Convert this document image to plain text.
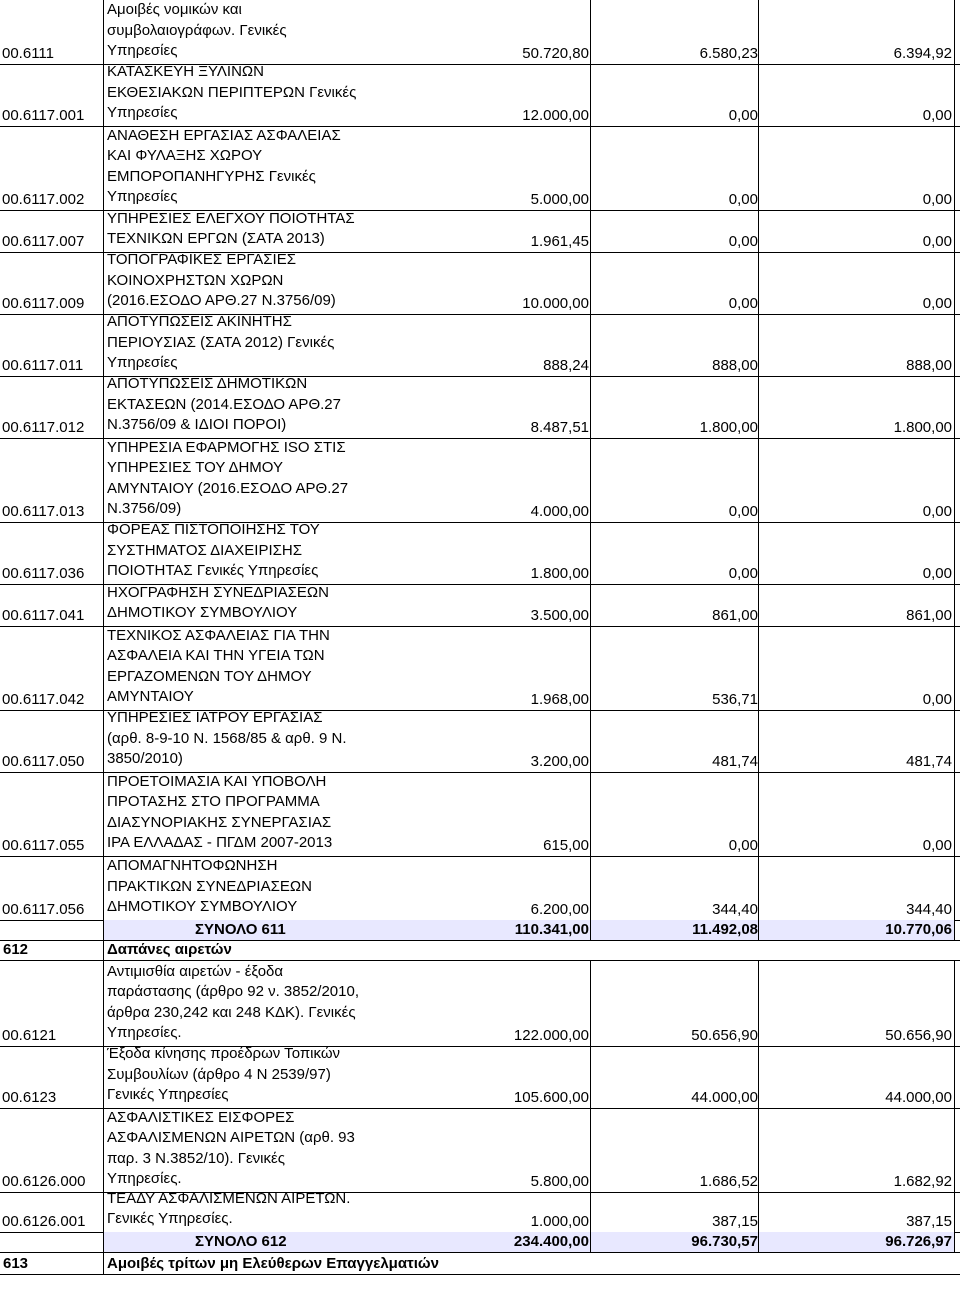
00.6111
Αμοιβές νομικών και
συμβολαιογράφων. Γενικές
Υπηρεσίες	50.720,80	6.580,23	6.394,92
00.6117.001
ΚΑΤΑΣΚΕΥΗ ΞΥΛΙΝΩΝ
ΕΚΘΕΣΙΑΚΩΝ ΠΕΡΙΠΤΕΡΩΝ Γενικές
Υπηρεσίες	12.000,00	0,00	0,00
00.6117.002
ΑΝΑΘΕΣΗ ΕΡΓΑΣΙΑΣ ΑΣΦΑΛΕΙΑΣ
ΚΑΙ ΦΥΛΑΞΗΣ ΧΩΡΟΥ
ΕΜΠΟΡΟΠΑΝΗΓΥΡΗΣ Γενικές
Υπηρεσίες	5.000,00	0,00	0,00
00.6117.007
ΥΠΗΡΕΣΙΕΣ ΕΛΕΓΧΟΥ ΠΟΙΟΤΗΤΑΣ
ΤΕΧΝΙΚΩΝ ΕΡΓΩΝ (ΣΑΤΑ 2013)	1.961,45	0,00	0,00
00.6117.009
ΤΟΠΟΓΡΑΦΙΚΕΣ ΕΡΓΑΣΙΕΣ
ΚΟΙΝΟΧΡΗΣΤΩΝ ΧΩΡΩΝ
(2016.ΕΣΟΔΟ ΑΡΘ.27 Ν.3756/09)	10.000,00	0,00	0,00
00.6117.011
ΑΠΟΤΥΠΩΣΕΙΣ ΑΚΙΝΗΤΗΣ
ΠΕΡΙΟΥΣΙΑΣ (ΣΑΤΑ 2012) Γενικές
Υπηρεσίες	888,24	888,00	888,00
00.6117.012
ΑΠΟΤΥΠΩΣΕΙΣ ΔΗΜΟΤΙΚΩΝ
ΕΚΤΑΣΕΩΝ (2014.ΕΣΟΔΟ ΑΡΘ.27
Ν.3756/09 & ΙΔΙΟΙ ΠΟΡΟΙ)	8.487,51	1.800,00	1.800,00
00.6117.013
ΥΠΗΡΕΣΙΑ ΕΦΑΡΜΟΓΗΣ ISO ΣΤΙΣ
ΥΠΗΡΕΣΙΕΣ ΤΟΥ ΔΗΜΟΥ
ΑΜΥΝΤΑΙΟΥ (2016.ΕΣΟΔΟ ΑΡΘ.27
Ν.3756/09)	4.000,00	0,00	0,00
00.6117.036
ΦΟΡΕΑΣ ΠΙΣΤΟΠΟΙΗΣΗΣ ΤΟΥ
ΣΥΣΤΗΜΑΤΟΣ ΔΙΑΧΕΙΡΙΣΗΣ
ΠΟΙΟΤΗΤΑΣ Γενικές Υπηρεσίες	1.800,00	0,00	0,00
00.6117.041
ΗΧΟΓΡΑΦΗΣΗ ΣΥΝΕΔΡΙΑΣΕΩΝ
ΔΗΜΟΤΙΚΟΥ ΣΥΜΒΟΥΛΙΟΥ	3.500,00	861,00	861,00
00.6117.042
ΤΕΧΝΙΚΟΣ ΑΣΦΑΛΕΙΑΣ ΓΙΑ ΤΗΝ
ΑΣΦΑΛΕΙΑ ΚΑΙ ΤΗΝ ΥΓΕΙΑ ΤΩΝ
ΕΡΓΑΖΟΜΕΝΩΝ ΤΟΥ ΔΗΜΟΥ
ΑΜΥΝΤΑΙΟΥ	1.968,00	536,71	0,00
00.6117.050
ΥΠΗΡΕΣΙΕΣ ΙΑΤΡΟΥ ΕΡΓΑΣΙΑΣ
(αρθ. 8-9-10 Ν. 1568/85 & αρθ. 9 Ν.
3850/2010)	3.200,00	481,74	481,74
00.6117.055
ΠΡΟΕΤΟΙΜΑΣΙΑ ΚΑΙ ΥΠΟΒΟΛΗ
ΠΡΟΤΑΣΗΣ ΣΤΟ ΠΡΟΓΡΑΜΜΑ
ΔΙΑΣΥΝΟΡΙΑΚΗΣ ΣΥΝΕΡΓΑΣΙΑΣ
ΙΡΑ ΕΛΛΑΔΑΣ - ΠΓΔΜ 2007-2013	615,00	0,00	0,00
00.6117.056
ΑΠΟΜΑΓΝΗΤΟΦΩΝΗΣΗ
ΠΡΑΚΤΙΚΩΝ ΣΥΝΕΔΡΙΑΣΕΩΝ
ΔΗΜΟΤΙΚΟΥ ΣΥΜΒΟΥΛΙΟΥ	6.200,00	344,40	344,40
ΣΥΝΟΛΟ 611	110.341,00	11.492,08	10.770,06
612	Δαπάνες αιρετών
00.6121
Αντιμισθία αιρετών - έξοδα
παράστασης (άρθρο 92 ν. 3852/2010,
άρθρα 230,242 και 248 ΚΔΚ). Γενικές
Υπηρεσίες.	122.000,00	50.656,90	50.656,90
00.6123
Έξοδα κίνησης προέδρων Τοπικών
Συμβουλίων (άρθρο 4 Ν 2539/97)
Γενικές Υπηρεσίες	105.600,00	44.000,00	44.000,00
00.6126.000
ΑΣΦΑΛΙΣΤΙΚΕΣ ΕΙΣΦΟΡΕΣ
ΑΣΦΑΛΙΣΜΕΝΩΝ ΑΙΡΕΤΩΝ (αρθ. 93
παρ. 3 Ν.3852/10). Γενικές
Υπηρεσίες.	5.800,00	1.686,52	1.682,92
00.6126.001
ΤΕΑΔΥ ΑΣΦΑΛΙΣΜΕΝΩΝ ΑΙΡΕΤΩΝ.
Γενικές Υπηρεσίες.	1.000,00	387,15	387,15
ΣΥΝΟΛΟ 612	234.400,00	96.730,57	96.726,97
613	Αμοιβές τρίτων μη Ελεύθερων Επαγγελματιών
